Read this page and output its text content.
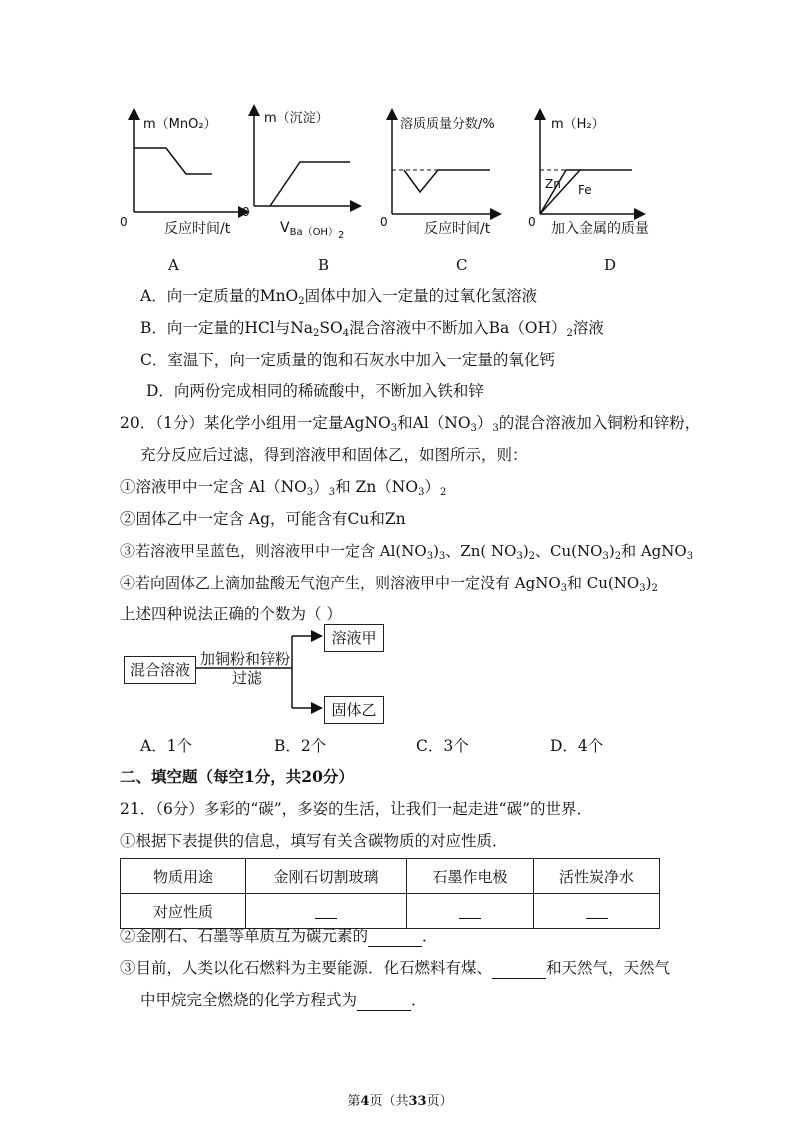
m（MnO₂）
0	反应时间/t
A
m（沉淀）
0
$V_{Ba(OH)2}$
B
溶质质量分数/%
0	反应时间/t
C
m（H₂）
Zn Fe
0 加入金属的质量
D
A．向一定质量的MnO$_2$固体中加入一定量的过氧化氢溶液
B．向一定量的HCl与$Na_2SO_4$混合溶液中不断加入$Ba(OH)_2$溶液
C．室温下，向一定质量的饱和石灰水中加入一定量的氧化钙
D．向两份完成相同的稀硫酸中，不断加入铁和锌
20．（1分）某化学小组用一定量AgNO$_3$和$Al(NO_3)_3$的混合溶液加入铜粉和锌粉，
充分反应后过滤，得到溶液甲和固体乙，如图所示，则：
①溶液甲中一定含 $Al(NO_3)_3$和 $Zn(NO_3)_2$
②固体乙中一定含 Ag，可能含有Cu和Zn
③若溶液甲呈蓝色，则溶液甲中一定含 $Al(NO_3)_3$、Zn( $NO_3)_2$、$Cu(NO_3)_2$和 AgNO$_3$
④若向固体乙上滴加盐酸无气泡产生，则溶液甲中一定没有 AgNO$_3$和 $Cu(NO_3)_2$
上述四种说法正确的个数为（ ）
混合溶液
加铜粉和锌粉
过滤
溶液甲
固体乙
A．1个	B．2个	C．3个	D．4个
二、填空题（每空1分，共20分）
21．（6分）多彩的“碳”，多姿的生活，让我们一起走进“碳”的世界．
①根据下表提供的信息，填写有关含碳物质的对应性质．
物质用途	金刚石切割玻璃	石墨作电极	活性炭净水
对应性质			
②金刚石、石墨等单质互为碳元素的	．
③目前，人类以化石燃料为主要能源．化石燃料有煤、	和天然气，天然气
中甲烷完全燃烧的化学方程式为	．
第4页（共33页）
